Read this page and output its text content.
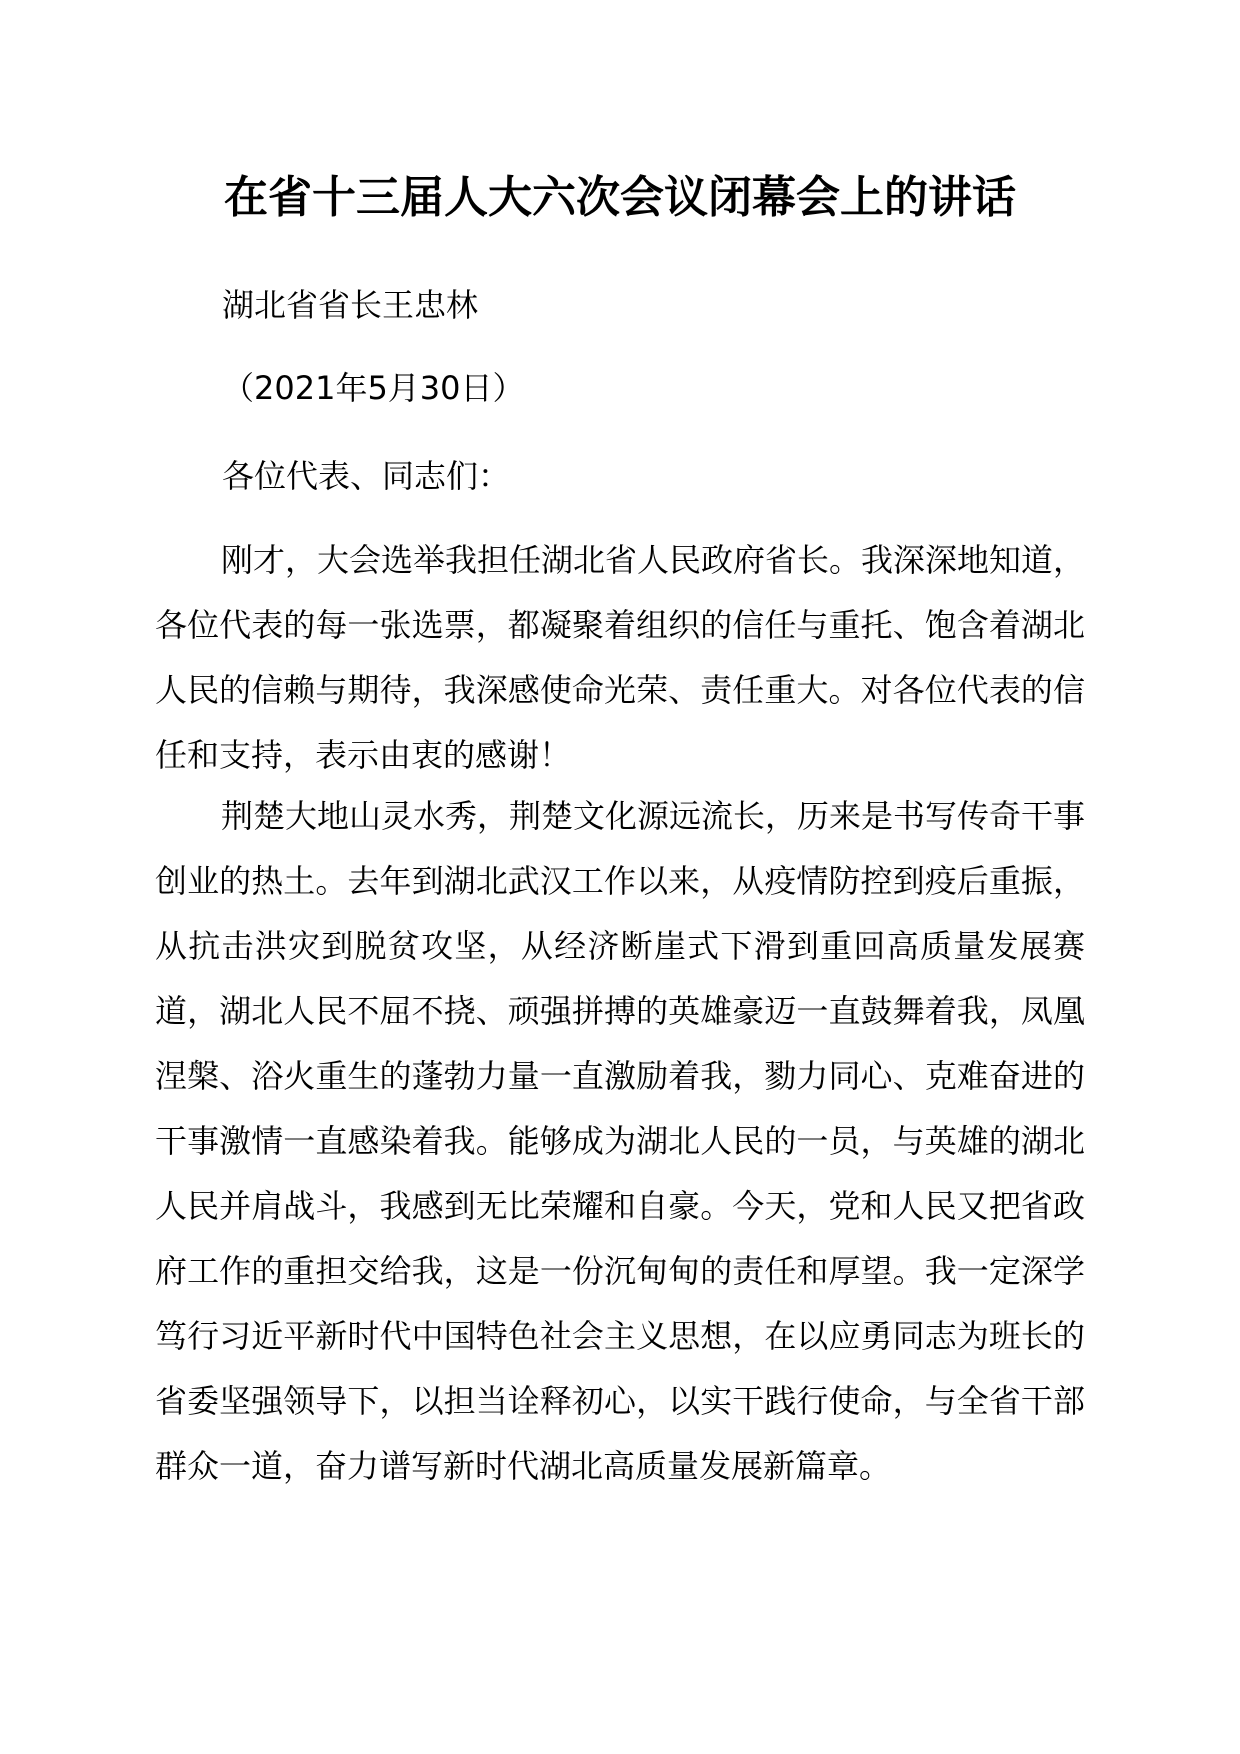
在省十三届人大六次会议闭幕会上的讲话
湖北省省长王忠林
（2021年5月30日）
各位代表、同志们：

刚才，大会选举我担任湖北省人民政府省长。我深深地知道，各位代表的每一张选票，都凝聚着组织的信任与重托、饱含着湖北人民的信赖与期待，我深感使命光荣、责任重大。对各位代表的信任和支持，表示由衷的感谢！

荆楚大地山灵水秀，荆楚文化源远流长，历来是书写传奇干事创业的热土。去年到湖北武汉工作以来，从疫情防控到疫后重振，从抗击洪灾到脱贫攻坚，从经济断崖式下滑到重回高质量发展赛道，湖北人民不屈不挠、顽强拼搏的英雄豪迈一直鼓舞着我，凤凰涅槃、浴火重生的蓬勃力量一直激励着我，勠力同心、克难奋进的干事激情一直感染着我。能够成为湖北人民的一员，与英雄的湖北人民并肩战斗，我感到无比荣耀和自豪。今天，党和人民又把省政府工作的重担交给我，这是一份沉甸甸的责任和厚望。我一定深学笃行习近平新时代中国特色社会主义思想，在以应勇同志为班长的省委坚强领导下，以担当诠释初心，以实干践行使命，与全省干部群众一道，奋力谱写新时代湖北高质量发展新篇章。
